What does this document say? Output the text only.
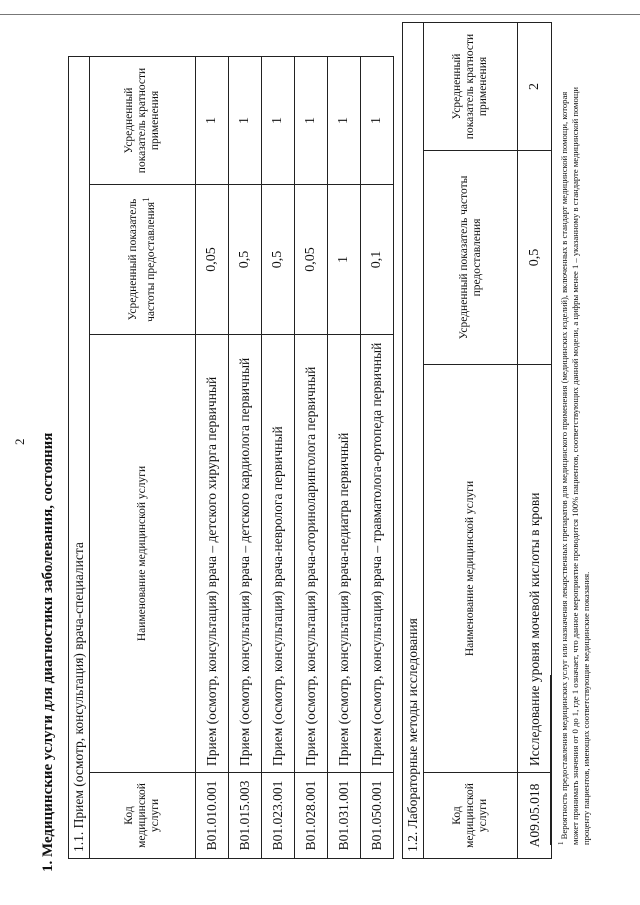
2 1. Медицинские услуги для диагностики заболевания, состояния 1.1. Прием (осмотр, консультация) врача-специалиста			
Код медицинской услуги	Наименование медицинской услуги	Усредненный показатель частоты предоставления$^1$	Усредненный показатель кратности применения
B01.010.001	Прием (осмотр, консультация) врача – детского хирурга первичный	0,05	1
B01.015.003	Прием (осмотр, консультация) врача – детского кардиолога первичный	0,5	1
B01.023.001	Прием (осмотр, консультация) врача-невролога первичный	0,5	1
B01.028.001	Прием (осмотр, консультация) врача-оториноларинголога первичный	0,05	1
B01.031.001	Прием (осмотр, консультация) врача-педиатра первичный	1	1
B01.050.001	Прием (осмотр, консультация) врача – травматолога-ортопеда первичный	0,1	1
1.2. Лабораторные методы исследования			
Код медицинской услуги	Наименование медицинской услуги	Усредненный показатель частоты предоставления	Усредненный показатель кратности применения
A09.05.018	Исследование уровня мочевой кислоты в крови	0,5	2
$^1$ Вероятность предоставления медицинских услуг или назначения лекарственных препаратов для медицинского применения (медицинских изделий), включенных в стандарт медицинской помощи, которая может принимать значения от 0 до 1, где 1 означает, что данное мероприятие проводится 100% пациентов, соответствующих данной модели, а цифры менее 1 – указанному в стандарте медицинской помощи проценту пациентов, имеющих соответствующие медицинские показания.
